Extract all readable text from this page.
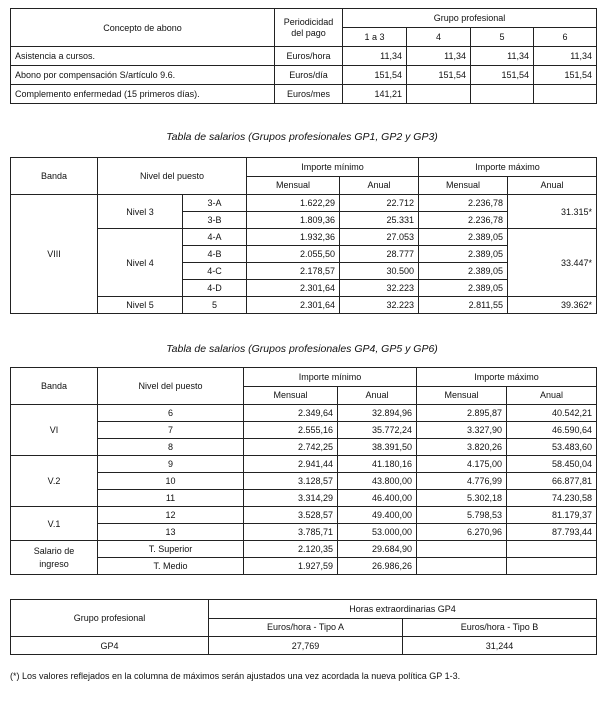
Concepto de abono	Periodicidad del pago	Grupo profesional			
		1 a 3	4	5	6
Asistencia a cursos.	Euros/hora	11,34	11,34	11,34	11,34
Abono por compensación S/artículo 9.6.	Euros/día	151,54	151,54	151,54	151,54
Complemento enfermedad (15 primeros días).	Euros/mes	141,21			
Tabla de salarios (Grupos profesionales GP1, GP2 y GP3)
Banda	Nivel del puesto		Importe mínimo		Importe máximo	
			Mensual	Anual	Mensual	Anual
VIII	Nivel 3	3-A	1.622,29	22.712	2.236,78	31.315*
		3-B	1.809,36	25.331	2.236,78	
	Nivel 4	4-A	1.932,36	27.053	2.389,05	33.447*
		4-B	2.055,50	28.777	2.389,05	
		4-C	2.178,57	30.500	2.389,05	
		4-D	2.301,64	32.223	2.389,05	
	Nivel 5	5	2.301,64	32.223	2.811,55	39.362*
Tabla de salarios (Grupos profesionales GP4, GP5 y GP6)
Banda	Nivel del puesto	Importe mínimo		Importe máximo	
		Mensual	Anual	Mensual	Anual
VI	6	2.349,64	32.894,96	2.895,87	40.542,21
	7	2.555,16	35.772,24	3.327,90	46.590,64
	8	2.742,25	38.391,50	3.820,26	53.483,60
V.2	9	2.941,44	41.180,16	4.175,00	58.450,04
	10	3.128,57	43.800,00	4.776,99	66.877,81
	11	3.314,29	46.400,00	5.302,18	74.230,58
V.1	12	3.528,57	49.400,00	5.798,53	81.179,37
	13	3.785,71	53.000,00	6.270,96	87.793,44
Salario de
ingreso	T. Superior	2.120,35	29.684,90		
	T. Medio	1.927,59	26.986,26		
Grupo profesional	Horas extraordinarias GP4	
	Euros/hora - Tipo A	Euros/hora - Tipo B
GP4	27,769	31,244
(*) Los valores reflejados en la columna de máximos serán ajustados una vez acordada la nueva política GP 1-3.
